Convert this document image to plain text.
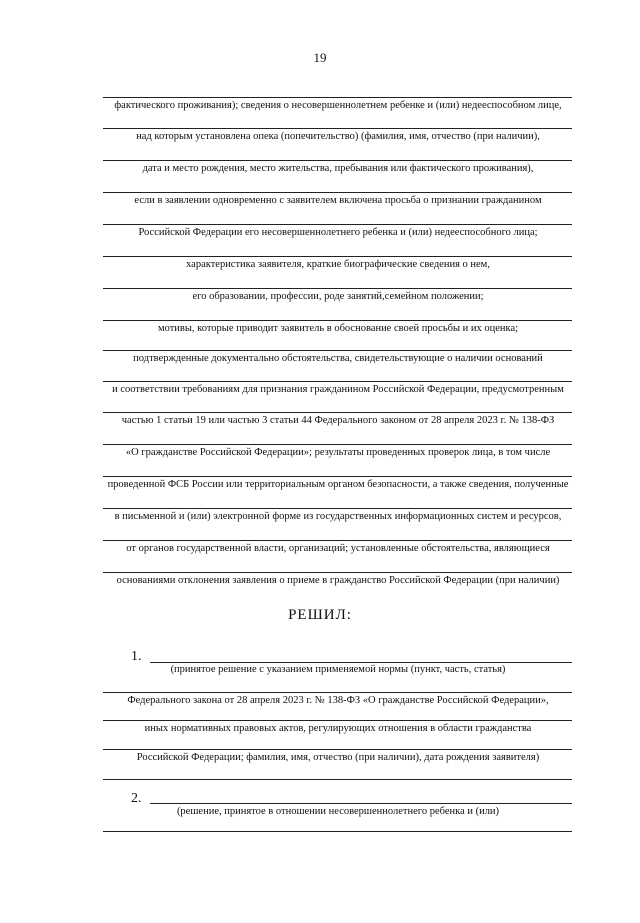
19
фактического проживания); сведения о несовершеннолетнем ребенке и (или) недееспособном лице,
над которым установлена опека (попечительство) (фамилия, имя, отчество (при наличии),
дата и место рождения, место жительства, пребывания или фактического проживания),
если в заявлении одновременно с заявителем включена просьба о признании гражданином
Российской Федерации его несовершеннолетнего ребенка и (или) недееспособного лица;
характеристика заявителя, краткие биографические сведения о нем,
его образовании, профессии, роде занятий,семейном положении;
мотивы, которые приводит заявитель в обоснование своей просьбы и их оценка;
подтвержденные документально обстоятельства, свидетельствующие о наличии оснований
и соответствии требованиям для признания гражданином Российской Федерации, предусмотренным
частью 1 статьи 19 или частью 3 статьи 44 Федерального законом от 28 апреля 2023 г. № 138-ФЗ
«О гражданстве Российской Федерации»; результаты проведенных проверок лица, в том числе
проведенной ФСБ России или территориальным органом безопасности, а также сведения, полученные
в письменной и (или) электронной форме из государственных информационных систем и ресурсов,
от органов государственной власти, организаций; установленные обстоятельства, являющиеся
основаниями отклонения заявления о приеме в гражданство Российской Федерации (при наличии)
РЕШИЛ:
1.
(принятое решение с указанием применяемой нормы (пункт, часть, статья)
Федерального закона от 28 апреля 2023 г. № 138-ФЗ «О гражданстве Российской Федерации»,
иных нормативных правовых актов, регулирующих отношения в области гражданства
Российской Федерации; фамилия, имя, отчество (при наличии), дата рождения заявителя)
2.
(решение, принятое в отношении несовершеннолетнего ребенка и (или)
